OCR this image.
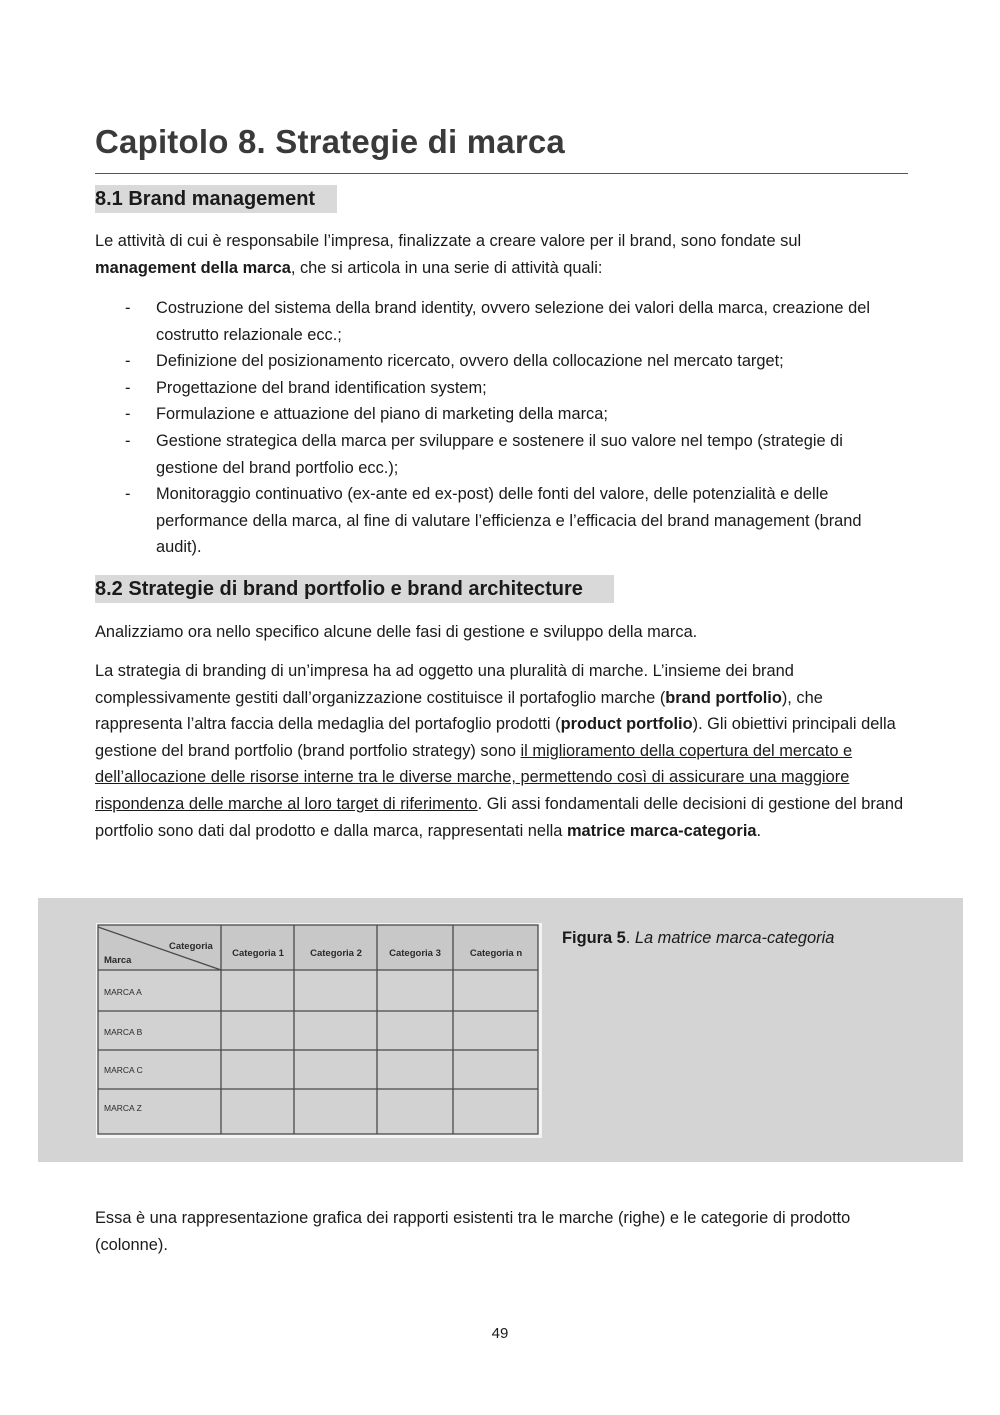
Capitolo 8. Strategie di marca
8.1 Brand management

Le attività di cui è responsabile l’impresa, finalizzate a creare valore per il brand, sono fondate sul management della marca, che si articola in una serie di attività quali:

- Costruzione del sistema della brand identity, ovvero selezione dei valori della marca, creazione del costrutto relazionale ecc.;
- Definizione del posizionamento ricercato, ovvero della collocazione nel mercato target;
- Progettazione del brand identification system;
- Formulazione e attuazione del piano di marketing della marca;
- Gestione strategica della marca per sviluppare e sostenere il suo valore nel tempo (strategie di gestione del brand portfolio ecc.);
- Monitoraggio continuativo (ex-ante ed ex-post) delle fonti del valore, delle potenzialità e delle performance della marca, al fine di valutare l’efficienza e l’efficacia del brand management (brand audit).
8.2 Strategie di brand portfolio e brand architecture

Analizziamo ora nello specifico alcune delle fasi di gestione e sviluppo della marca.

La strategia di branding di un’impresa ha ad oggetto una pluralità di marche. L’insieme dei brand complessivamente gestiti dall’organizzazione costituisce il portafoglio marche (brand portfolio), che rappresenta l’altra faccia della medaglia del portafoglio prodotti (product portfolio). Gli obiettivi principali della gestione del brand portfolio (brand portfolio strategy) sono il miglioramento della copertura del mercato e dell’allocazione delle risorse interne tra le diverse marche, permettendo così di assicurare una maggiore rispondenza delle marche al loro target di riferimento. Gli assi fondamentali delle decisioni di gestione del brand portfolio sono dati dal prodotto e dalla marca, rappresentati nella matrice marca-categoria.

Categoria
Marca
Categoria 1	Categoria 2	Categoria 3	Categoria n
MARCA A
MARCA B
MARCA C
MARCA Z
Figura 5. La matrice marca-categoria

Essa è una rappresentazione grafica dei rapporti esistenti tra le marche (righe) e le categorie di prodotto (colonne).

49
